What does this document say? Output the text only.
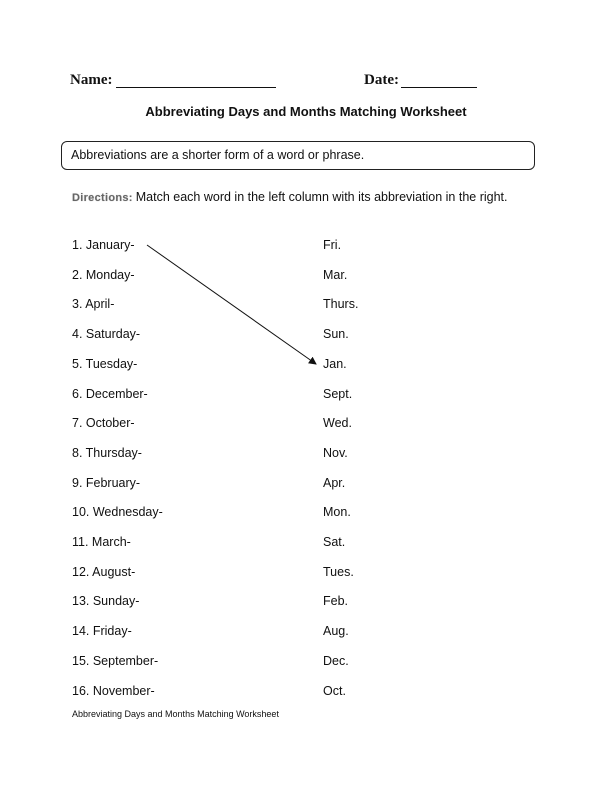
Name:	Date:
Abbreviating Days and Months Matching Worksheet
Abbreviations are a shorter form of a word or phrase.
Directions: Match each word in the left column with its abbreviation in the right.
1. January-
2. Monday-
3. April-
4. Saturday-
5. Tuesday-
6. December-
7. October-
8. Thursday-
9. February-
10. Wednesday-
11. March-
12. August-
13. Sunday-
14. Friday-
15. September-
16. November-
Fri.
Mar.
Thurs.
Sun.
Jan.
Sept.
Wed.
Nov.
Apr.
Mon.
Sat.
Tues.
Feb.
Aug.
Dec.
Oct.
Abbreviating Days and Months Matching Worksheet
